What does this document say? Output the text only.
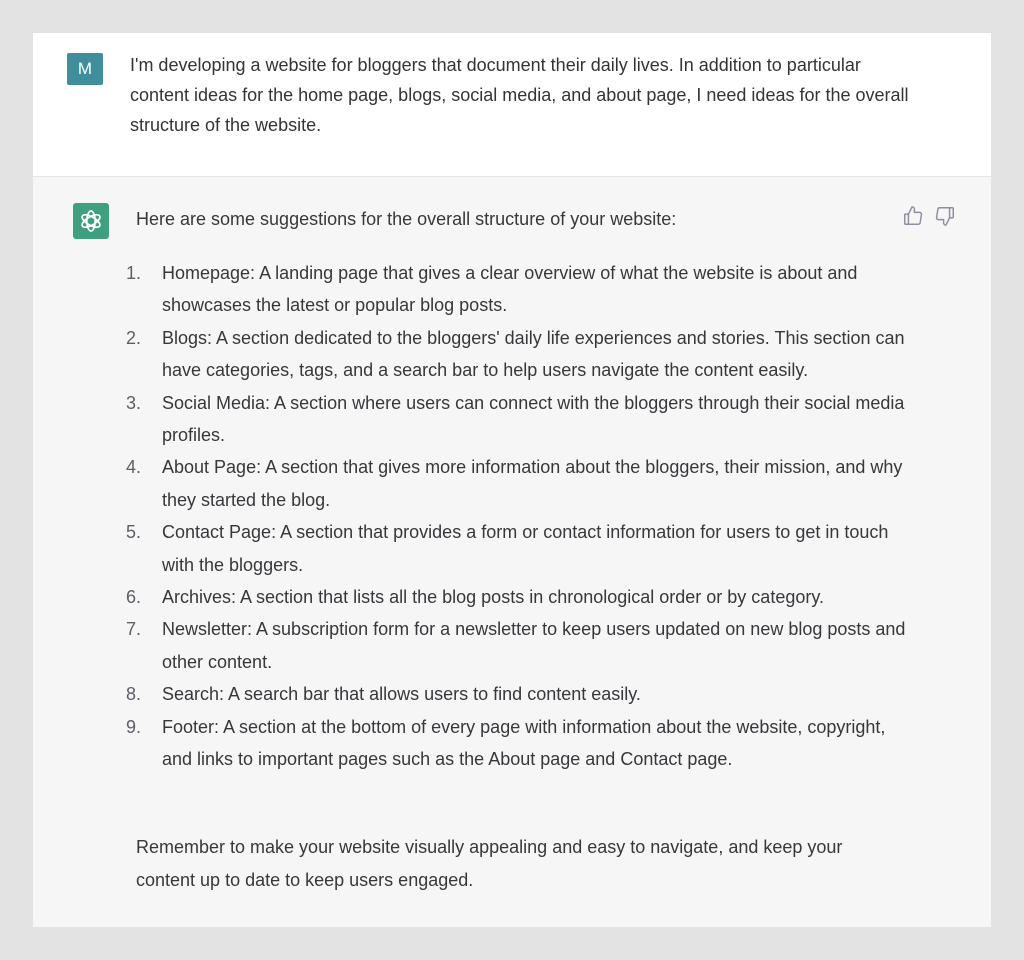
M	I'm developing a website for bloggers that document their daily lives. In addition to particular content ideas for the home page, blogs, social media, and about page, I need ideas for the overall structure of the website.

Here are some suggestions for the overall structure of your website:

1. Homepage: A landing page that gives a clear overview of what the website is about and showcases the latest or popular blog posts.
2. Blogs: A section dedicated to the bloggers' daily life experiences and stories. This section can have categories, tags, and a search bar to help users navigate the content easily.
3. Social Media: A section where users can connect with the bloggers through their social media profiles.
4. About Page: A section that gives more information about the bloggers, their mission, and why they started the blog.
5. Contact Page: A section that provides a form or contact information for users to get in touch with the bloggers.
6. Archives: A section that lists all the blog posts in chronological order or by category.
7. Newsletter: A subscription form for a newsletter to keep users updated on new blog posts and other content.
8. Search: A search bar that allows users to find content easily.
9. Footer: A section at the bottom of every page with information about the website, copyright, and links to important pages such as the About page and Contact page.

Remember to make your website visually appealing and easy to navigate, and keep your content up to date to keep users engaged.
